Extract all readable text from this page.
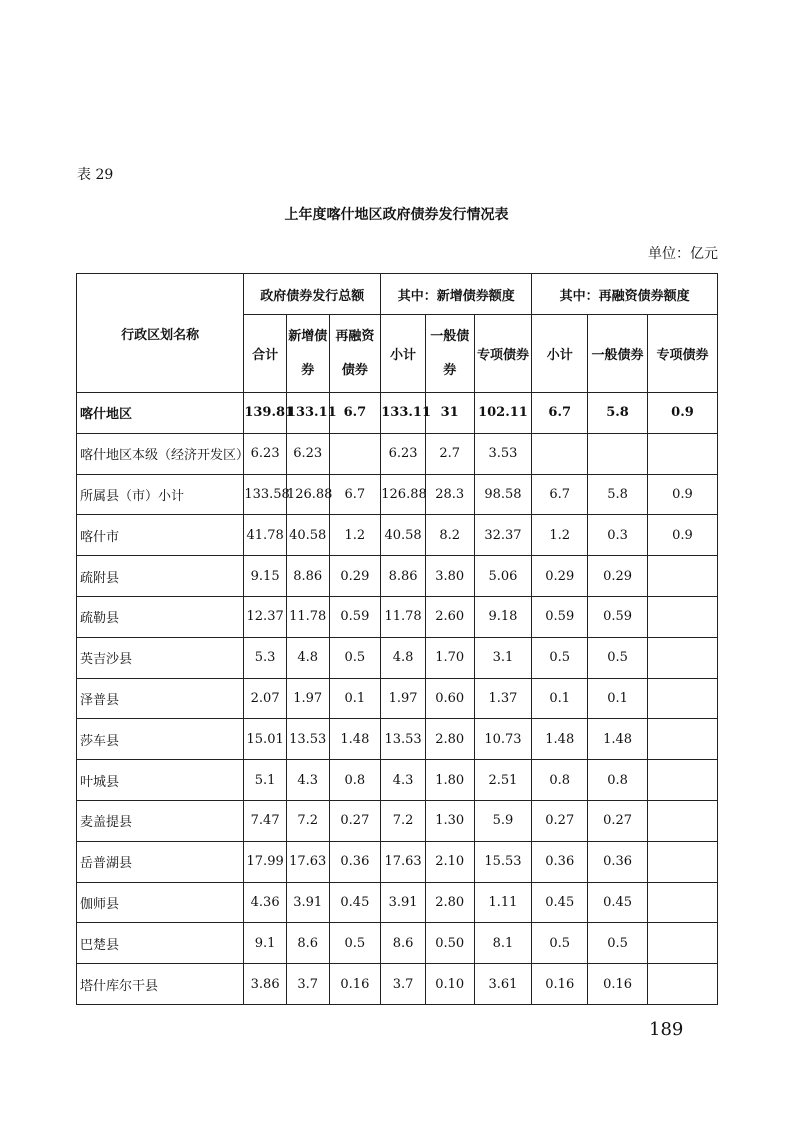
表 29
上年度喀什地区政府债券发行情况表
单位：亿元
行政区划名称	政府债券发行总额			其中：新增债券额度			其中：再融资债券额度		
	合计	新增债券	再融资债券	小计	一般债券	专项债券	小计	一般债券	专项债券
喀什地区	139.81	133.11	6.7	133.11	31	102.11	6.7	5.8	0.9
喀什地区本级（经济开发区）	6.23	6.23		6.23	2.7	3.53			
所属县（市）小计	133.58	126.88	6.7	126.88	28.3	98.58	6.7	5.8	0.9
喀什市	41.78	40.58	1.2	40.58	8.2	32.37	1.2	0.3	0.9
疏附县	9.15	8.86	0.29	8.86	3.80	5.06	0.29	0.29	
疏勒县	12.37	11.78	0.59	11.78	2.60	9.18	0.59	0.59	
英吉沙县	5.3	4.8	0.5	4.8	1.70	3.1	0.5	0.5	
泽普县	2.07	1.97	0.1	1.97	0.60	1.37	0.1	0.1	
莎车县	15.01	13.53	1.48	13.53	2.80	10.73	1.48	1.48	
叶城县	5.1	4.3	0.8	4.3	1.80	2.51	0.8	0.8	
麦盖提县	7.47	7.2	0.27	7.2	1.30	5.9	0.27	0.27	
岳普湖县	17.99	17.63	0.36	17.63	2.10	15.53	0.36	0.36	
伽师县	4.36	3.91	0.45	3.91	2.80	1.11	0.45	0.45	
巴楚县	9.1	8.6	0.5	8.6	0.50	8.1	0.5	0.5	
塔什库尔干县	3.86	3.7	0.16	3.7	0.10	3.61	0.16	0.16	
189
